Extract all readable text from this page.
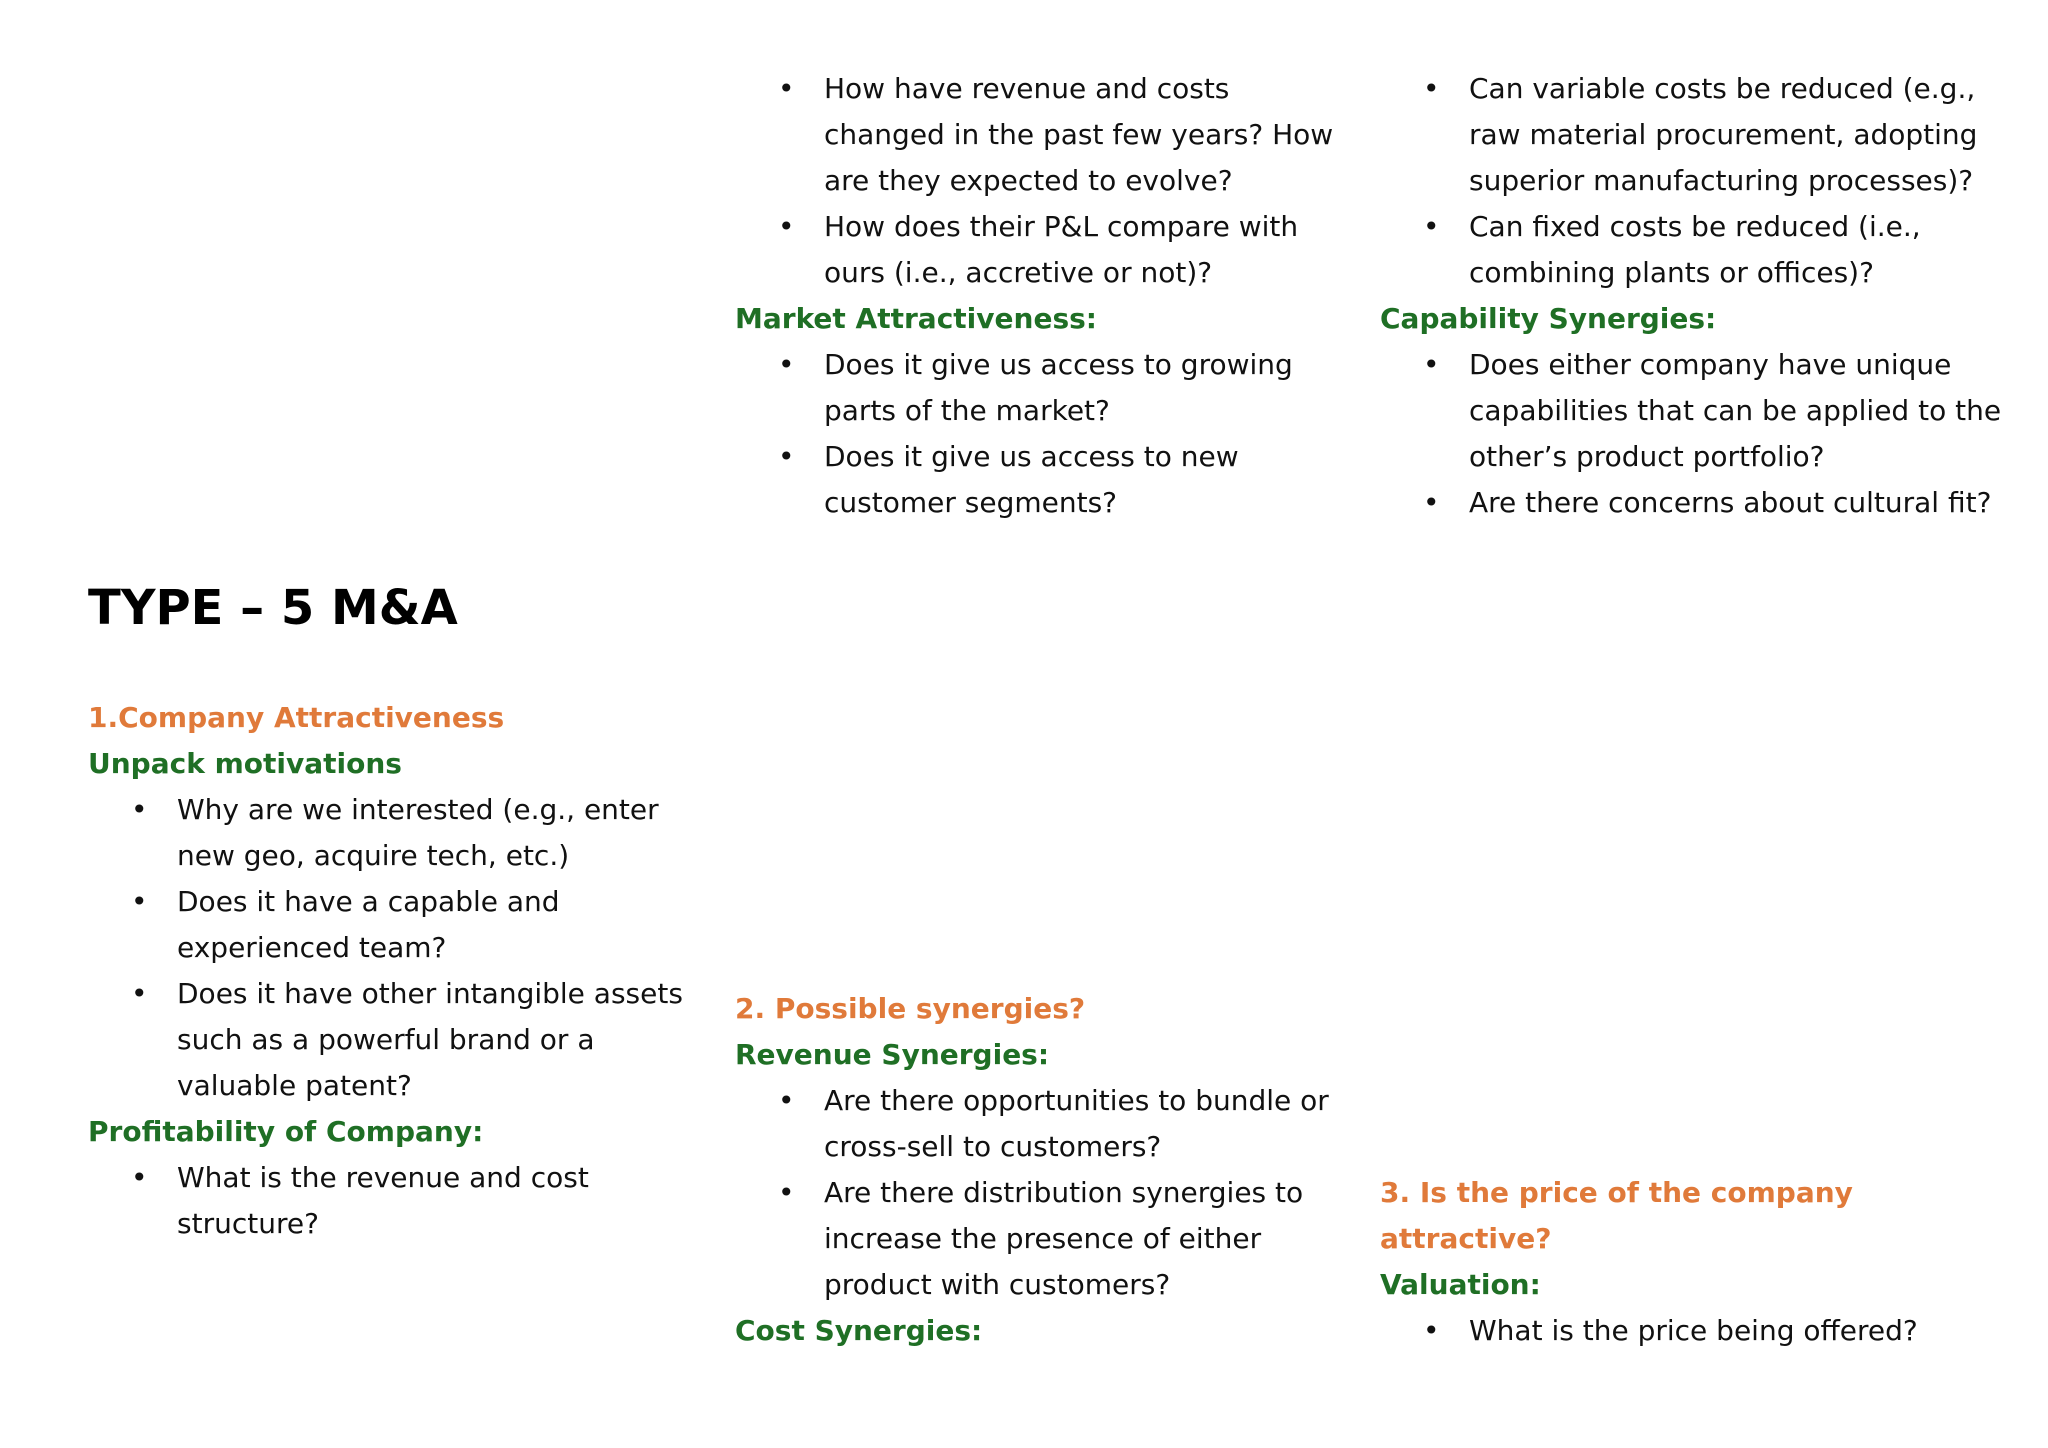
TYPE – 5 M&A

1.Company Attractiveness

Unpack motivations

• Why are we interested (e.g., enter new geo, acquire tech, etc.)
• Does it have a capable and experienced team?
• Does it have other intangible assets such as a powerful brand or a valuable patent?

Profitability of Company:

• What is the revenue and cost structure?
• How have revenue and costs changed in the past few years? How are they expected to evolve?
• How does their P&L compare with ours (i.e., accretive or not)?

Market Attractiveness:

• Does it give us access to growing parts of the market?
• Does it give us access to new customer segments?

2. Possible synergies?

Revenue Synergies:

• Are there opportunities to bundle or cross-sell to customers?
• Are there distribution synergies to increase the presence of either product with customers?

Cost Synergies:

• Can variable costs be reduced (e.g., raw material procurement, adopting superior manufacturing processes)?
• Can fixed costs be reduced (i.e., combining plants or offices)?

Capability Synergies:

• Does either company have unique capabilities that can be applied to the other’s product portfolio?
• Are there concerns about cultural fit?

3. Is the price of the company attractive?

Valuation:

• What is the price being offered?
